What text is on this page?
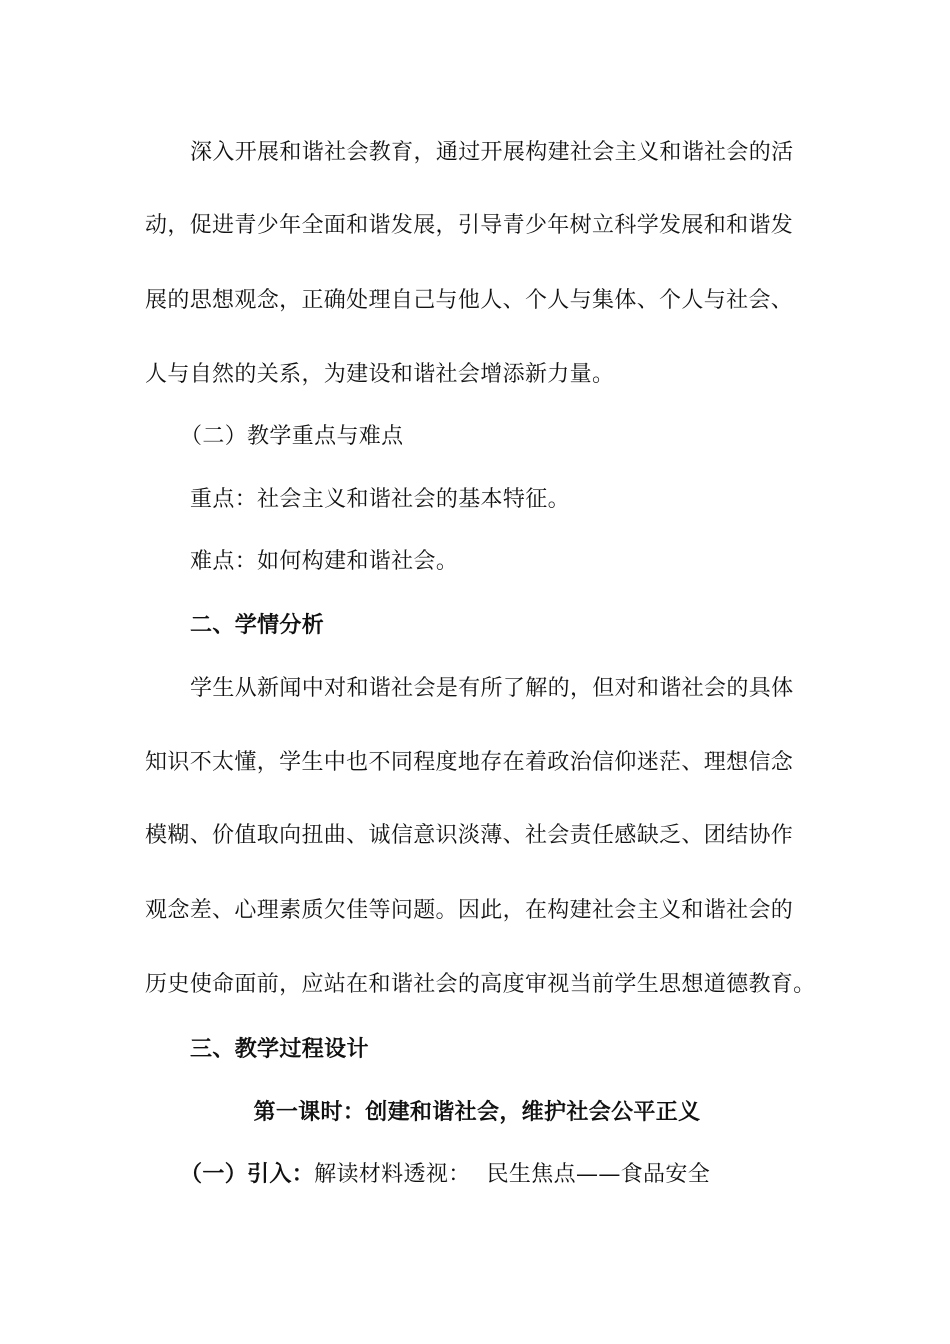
深入开展和谐社会教育，通过开展构建社会主义和谐社会的活
动，促进青少年全面和谐发展，引导青少年树立科学发展和和谐发
展的思想观念，正确处理自己与他人、个人与集体、个人与社会、
人与自然的关系，为建设和谐社会增添新力量。
（二）教学重点与难点
重点：社会主义和谐社会的基本特征。
难点：如何构建和谐社会。
二、学情分析
学生从新闻中对和谐社会是有所了解的，但对和谐社会的具体
知识不太懂，学生中也不同程度地存在着政治信仰迷茫、理想信念
模糊、价值取向扭曲、诚信意识淡薄、社会责任感缺乏、团结协作
观念差、心理素质欠佳等问题。因此，在构建社会主义和谐社会的
历史使命面前，应站在和谐社会的高度审视当前学生思想道德教育。
三、教学过程设计
第一课时：创建和谐社会，维护社会公平正义
（一）引入：解读材料透视： 民生焦点——食品安全
